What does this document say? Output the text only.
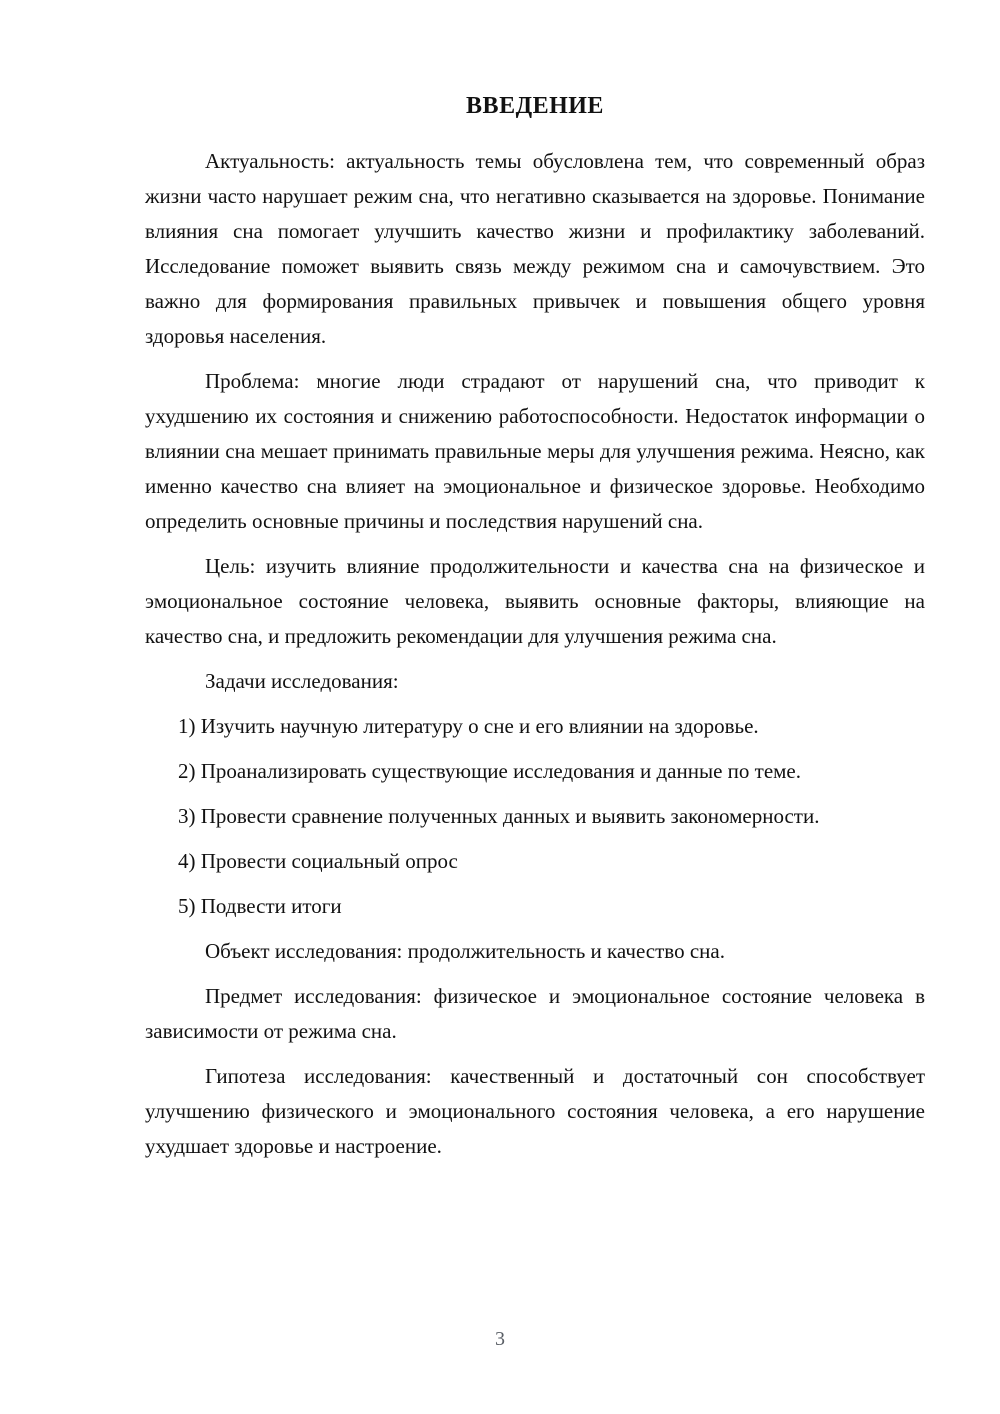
ВВЕДЕНИЕ

Актуальность: актуальность темы обусловлена тем, что современный образ жизни часто нарушает режим сна, что негативно сказывается на здоровье. Понимание влияния сна помогает улучшить качество жизни и профилактику заболеваний. Исследование поможет выявить связь между режимом сна и самочувствием. Это важно для формирования правильных привычек и повышения общего уровня здоровья населения.

Проблема: многие люди страдают от нарушений сна, что приводит к ухудшению их состояния и снижению работоспособности. Недостаток информации о влиянии сна мешает принимать правильные меры для улучшения режима. Неясно, как именно качество сна влияет на эмоциональное и физическое здоровье. Необходимо определить основные причины и последствия нарушений сна.

Цель: изучить влияние продолжительности и качества сна на физическое и эмоциональное состояние человека, выявить основные факторы, влияющие на качество сна, и предложить рекомендации для улучшения режима сна.

Задачи исследования:

1) Изучить научную литературу о сне и его влиянии на здоровье.

2) Проанализировать существующие исследования и данные по теме.

3) Провести сравнение полученных данных и выявить закономерности.

4) Провести социальный опрос

5) Подвести итоги

Объект исследования: продолжительность и качество сна.

Предмет исследования: физическое и эмоциональное состояние человека в зависимости от режима сна.

Гипотеза исследования: качественный и достаточный сон способствует улучшению физического и эмоционального состояния человека, а его нарушение ухудшает здоровье и настроение.

3
